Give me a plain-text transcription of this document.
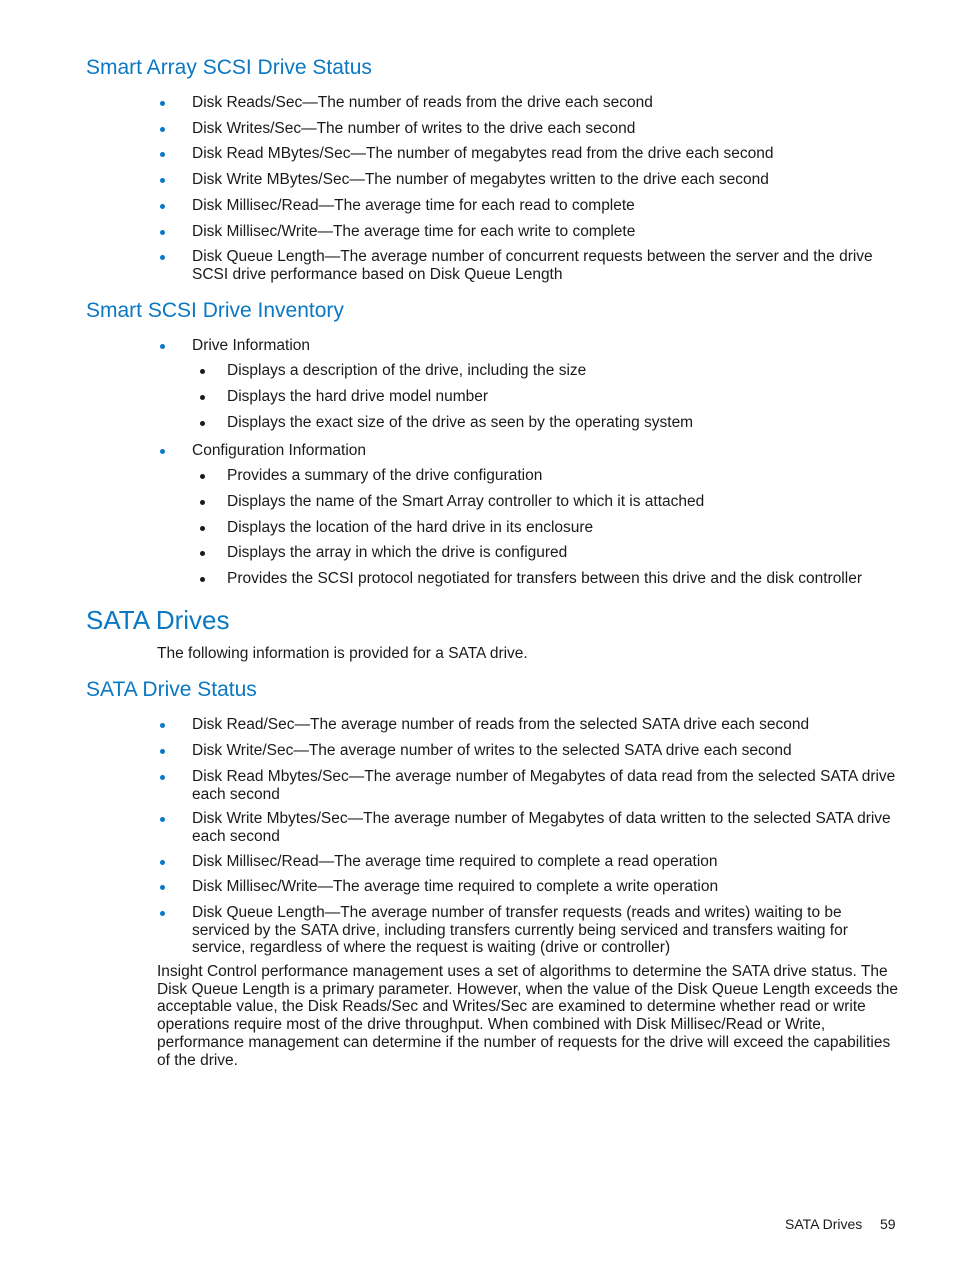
Smart Array SCSI Drive Status
Disk Reads/Sec—The number of reads from the drive each second
Disk Writes/Sec—The number of writes to the drive each second
Disk Read MBytes/Sec—The number of megabytes read from the drive each second
Disk Write MBytes/Sec—The number of megabytes written to the drive each second
Disk Millisec/Read—The average time for each read to complete
Disk Millisec/Write—The average time for each write to complete
Disk Queue Length—The average number of concurrent requests between the server and the drive SCSI drive performance based on Disk Queue Length
Smart SCSI Drive Inventory
Drive Information
Displays a description of the drive, including the size
Displays the hard drive model number
Displays the exact size of the drive as seen by the operating system
Configuration Information
Provides a summary of the drive configuration
Displays the name of the Smart Array controller to which it is attached
Displays the location of the hard drive in its enclosure
Displays the array in which the drive is configured
Provides the SCSI protocol negotiated for transfers between this drive and the disk controller
SATA Drives
The following information is provided for a SATA drive.
SATA Drive Status
Disk Read/Sec—The average number of reads from the selected SATA drive each second
Disk Write/Sec—The average number of writes to the selected SATA drive each second
Disk Read Mbytes/Sec—The average number of Megabytes of data read from the selected SATA drive each second
Disk Write Mbytes/Sec—The average number of Megabytes of data written to the selected SATA drive each second
Disk Millisec/Read—The average time required to complete a read operation
Disk Millisec/Write—The average time required to complete a write operation
Disk Queue Length—The average number of transfer requests (reads and writes) waiting to be serviced by the SATA drive, including transfers currently being serviced and transfers waiting for service, regardless of where the request is waiting (drive or controller)
Insight Control performance management uses a set of algorithms to determine the SATA drive status. The Disk Queue Length is a primary parameter. However, when the value of the Disk Queue Length exceeds the acceptable value, the Disk Reads/Sec and Writes/Sec are examined to determine whether read or write operations require most of the drive throughput. When combined with Disk Millisec/Read or Write, performance management can determine if the number of requests for the drive will exceed the capabilities of the drive.
SATA Drives 59
